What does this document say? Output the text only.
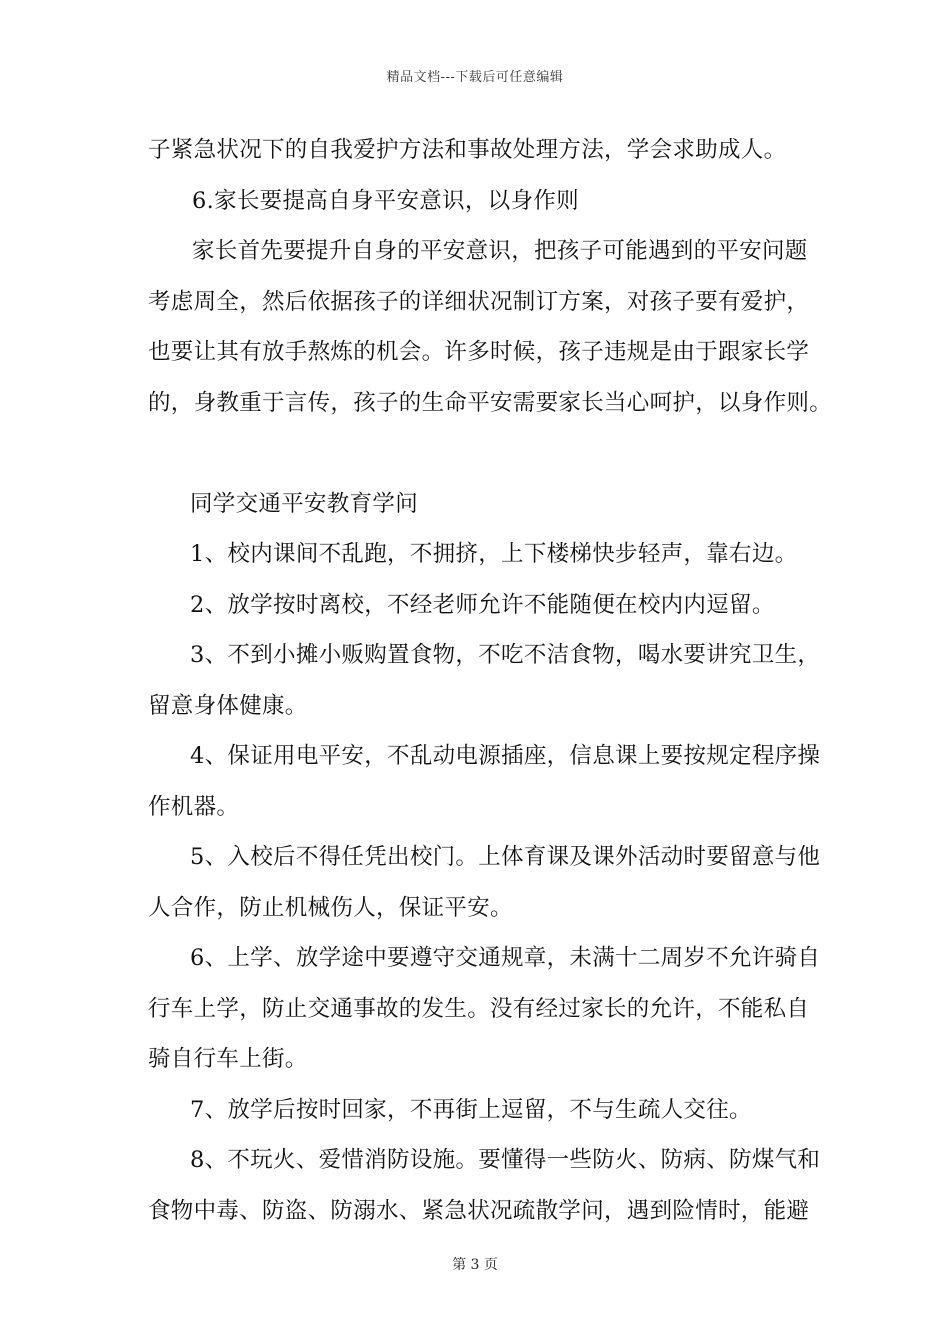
精品文档---下载后可任意编辑

子紧急状况下的自我爱护方法和事故处理方法，学会求助成人。

6.家长要提高自身平安意识，以身作则

家长首先要提升自身的平安意识，把孩子可能遇到的平安问题

考虑周全，然后依据孩子的详细状况制订方案，对孩子要有爱护，

也要让其有放手熬炼的机会。许多时候，孩子违规是由于跟家长学

的，身教重于言传，孩子的生命平安需要家长当心呵护，以身作则。

同学交通平安教育学问

1、校内课间不乱跑，不拥挤，上下楼梯快步轻声，靠右边。

2、放学按时离校，不经老师允许不能随便在校内内逗留。

3、不到小摊小贩购置食物，不吃不洁食物，喝水要讲究卫生，

留意身体健康。

4、保证用电平安，不乱动电源插座，信息课上要按规定程序操

作机器。

5、入校后不得任凭出校门。上体育课及课外活动时要留意与他

人合作，防止机械伤人，保证平安。

6、上学、放学途中要遵守交通规章，未满十二周岁不允许骑自

行车上学，防止交通事故的发生。没有经过家长的允许，不能私自

骑自行车上街。

7、放学后按时回家，不再街上逗留，不与生疏人交往。

8、不玩火、爱惜消防设施。要懂得一些防火、防病、防煤气和

食物中毒、防盗、防溺水、紧急状况疏散学问，遇到险情时，能避

第 3 页
